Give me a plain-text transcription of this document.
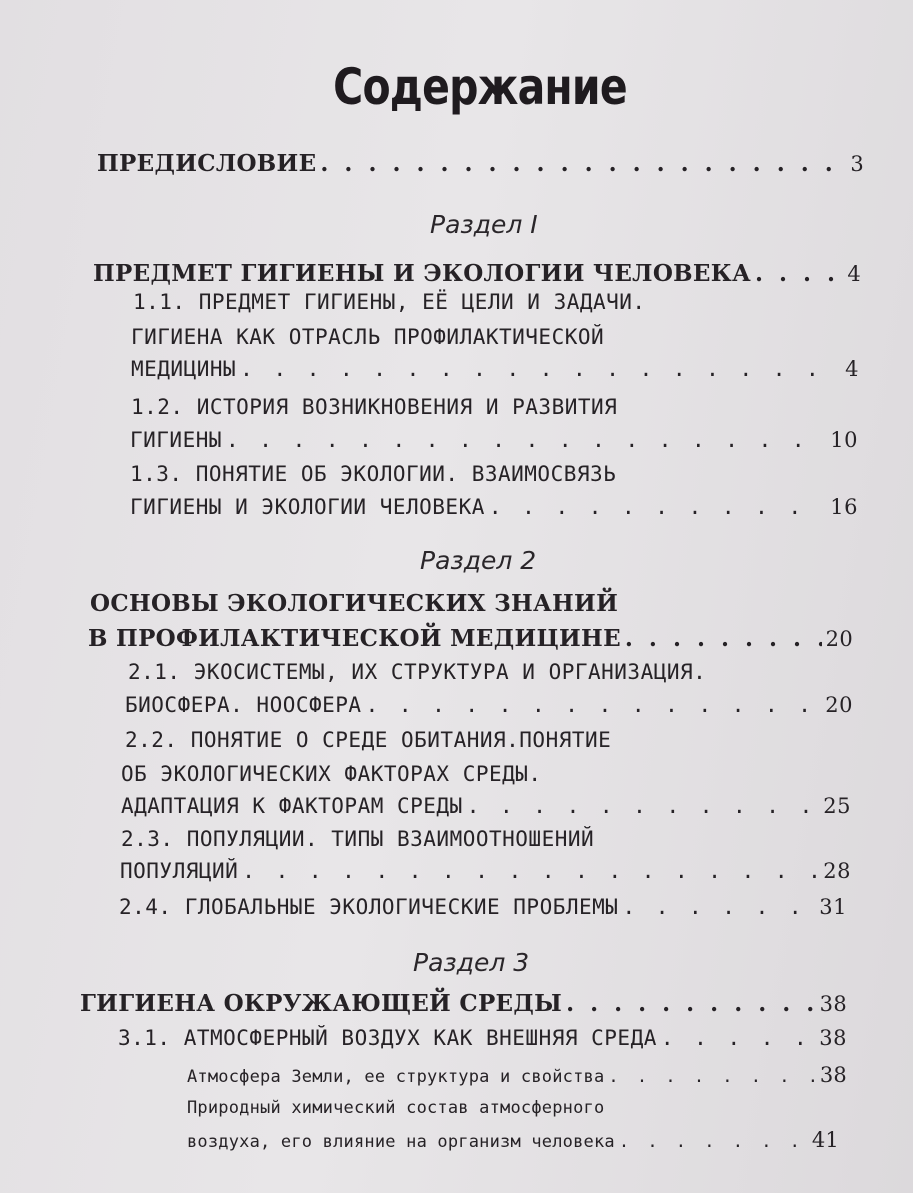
Содержание
ПРЕДИСЛОВИЕ . . .	3
Раздел I
ПРЕДМЕТ ГИГИЕНЫ И ЭКОЛОГИИ ЧЕЛОВЕКА . . .	4
1.1. ПРЕДМЕТ ГИГИЕНЫ, ЕЁ ЦЕЛИ И ЗАДАЧИ.
ГИГИЕНА КАК ОТРАСЛЬ ПРОФИЛАКТИЧЕСКОЙ
МЕДИЦИНЫ . . .	4
1.2. ИСТОРИЯ ВОЗНИКНОВЕНИЯ И РАЗВИТИЯ
ГИГИЕНЫ . . .	10
1.3. ПОНЯТИЕ ОБ ЭКОЛОГИИ. ВЗАИМОСВЯЗЬ
ГИГИЕНЫ И ЭКОЛОГИИ ЧЕЛОВЕКА . . .	16
Раздел 2
ОСНОВЫ ЭКОЛОГИЧЕСКИХ ЗНАНИЙ
В ПРОФИЛАКТИЧЕСКОЙ МЕДИЦИНЕ . . .	20
2.1. ЭКОСИСТЕМЫ, ИХ СТРУКТУРА И ОРГАНИЗАЦИЯ.
БИОСФЕРА. НООСФЕРА . . .	20
2.2. ПОНЯТИЕ О СРЕДЕ ОБИТАНИЯ.ПОНЯТИЕ
ОБ ЭКОЛОГИЧЕСКИХ ФАКТОРАХ СРЕДЫ.
АДАПТАЦИЯ К ФАКТОРАМ СРЕДЫ . . .	25
2.3. ПОПУЛЯЦИИ. ТИПЫ ВЗАИМООТНОШЕНИЙ
ПОПУЛЯЦИЙ . . .	28
2.4. ГЛОБАЛЬНЫЕ ЭКОЛОГИЧЕСКИЕ ПРОБЛЕМЫ . . .	31
Раздел 3
ГИГИЕНА ОКРУЖАЮЩЕЙ СРЕДЫ . . .	38
3.1. АТМОСФЕРНЫЙ ВОЗДУХ КАК ВНЕШНЯЯ СРЕДА . . .	38
Атмосфера Земли, ее структура и свойства . . .	38
Природный химический состав атмосферного
воздуха, его влияние на организм человека . . .	41
